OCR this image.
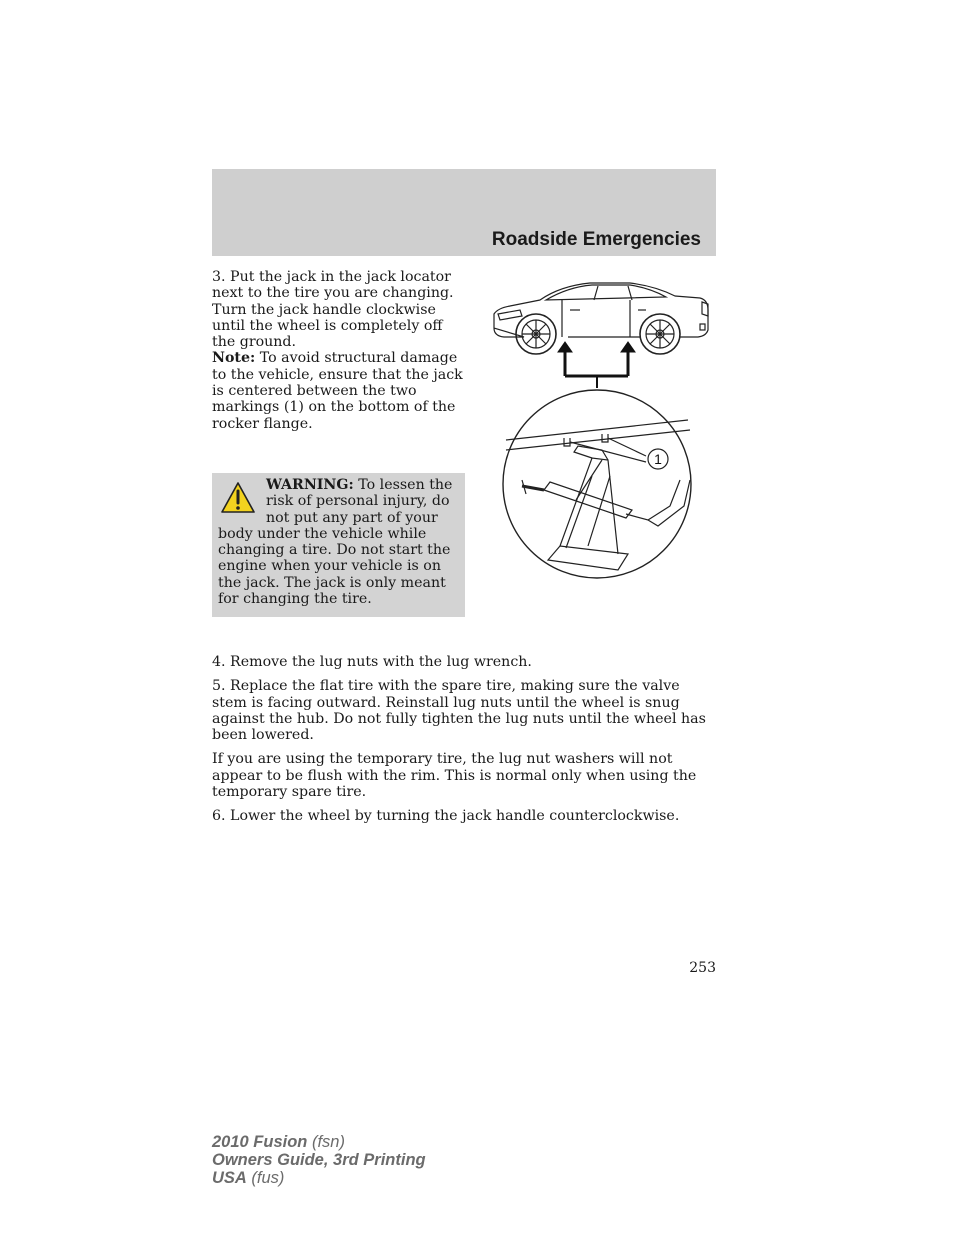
Roadside Emergencies

3. Put the jack in the jack locator next to the tire you are changing. Turn the jack handle clockwise until the wheel is completely off the ground.

Note: To avoid structural damage to the vehicle, ensure that the jack is centered between the two markings (1) on the bottom of the rocker flange.

1
WARNING: To lessen the risk of personal injury, do not put any part of your body under the vehicle while changing a tire. Do not start the engine when your vehicle is on the jack. The jack is only meant for changing the tire.

4. Remove the lug nuts with the lug wrench.

5. Replace the flat tire with the spare tire, making sure the valve stem is facing outward. Reinstall lug nuts until the wheel is snug against the hub. Do not fully tighten the lug nuts until the wheel has been lowered.

If you are using the temporary tire, the lug nut washers will not appear to be flush with the rim. This is normal only when using the temporary spare tire.

6. Lower the wheel by turning the jack handle counterclockwise.

253
2010 Fusion (fsn)
Owners Guide, 3rd Printing
USA (fus)
